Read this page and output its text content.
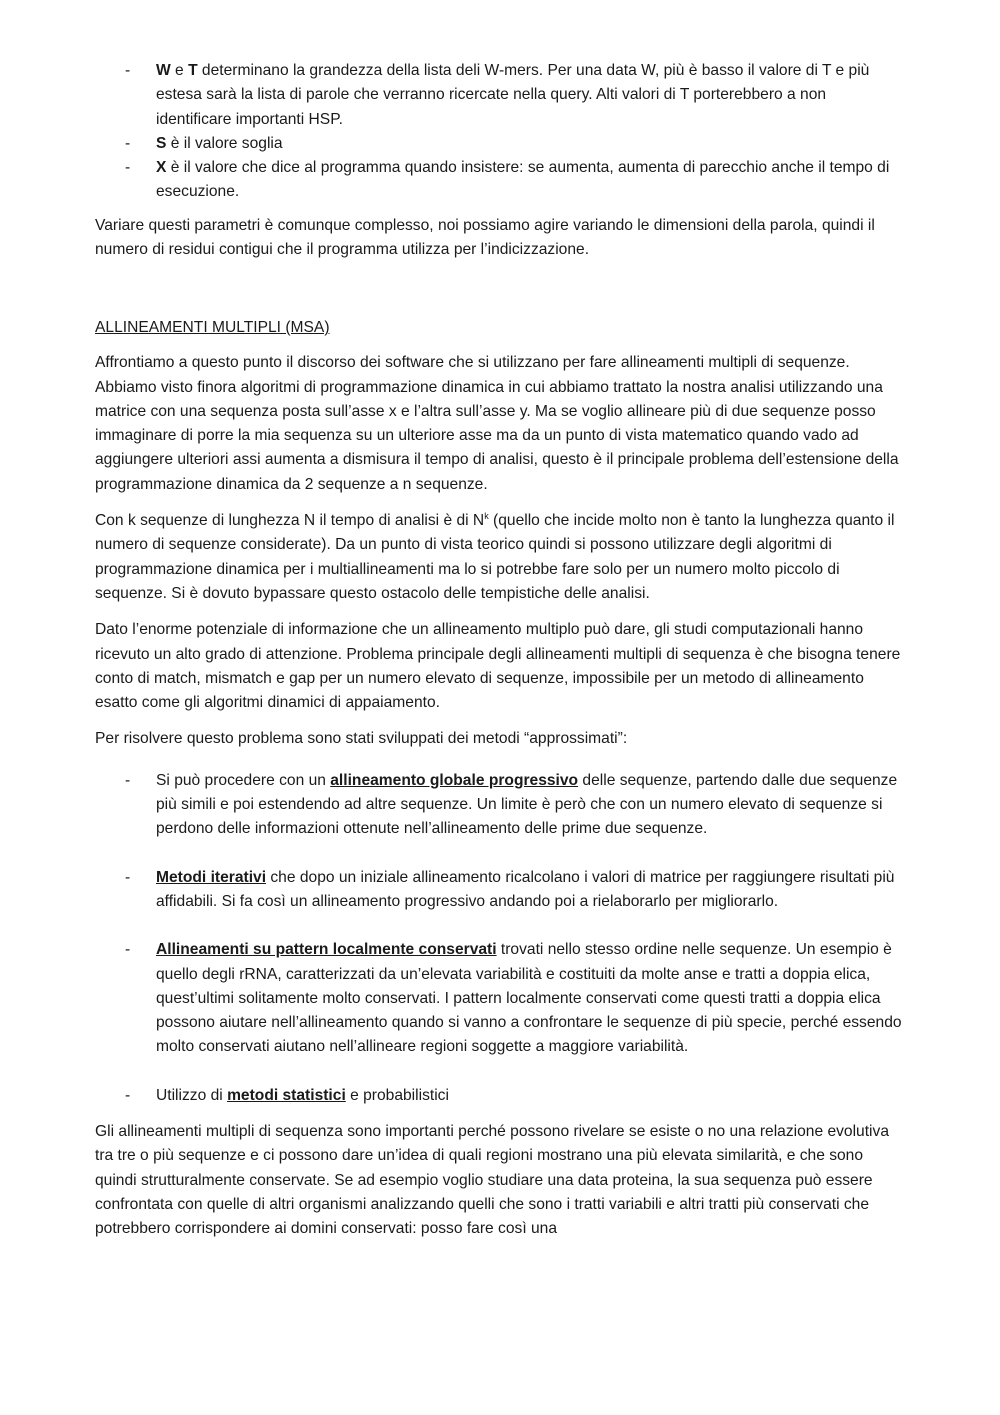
- W e T determinano la grandezza della lista deli W-mers. Per una data W, più è basso il valore di T e più estesa sarà la lista di parole che verranno ricercate nella query. Alti valori di T porterebbero a non identificare importanti HSP.
- S è il valore soglia
- X è il valore che dice al programma quando insistere: se aumenta, aumenta di parecchio anche il tempo di esecuzione.

Variare questi parametri è comunque complesso, noi possiamo agire variando le dimensioni della parola, quindi il numero di residui contigui che il programma utilizza per l’indicizzazione.

ALLINEAMENTI MULTIPLI (MSA)

Affrontiamo a questo punto il discorso dei software che si utilizzano per fare allineamenti multipli di sequenze. Abbiamo visto finora algoritmi di programmazione dinamica in cui abbiamo trattato la nostra analisi utilizzando una matrice con una sequenza posta sull’asse x e l’altra sull’asse y. Ma se voglio allineare più di due sequenze posso immaginare di porre la mia sequenza su un ulteriore asse ma da un punto di vista matematico quando vado ad aggiungere ulteriori assi aumenta a dismisura il tempo di analisi, questo è il principale problema dell’estensione della programmazione dinamica da 2 sequenze a n sequenze.

Con k sequenze di lunghezza N il tempo di analisi è di $N^k$ (quello che incide molto non è tanto la lunghezza quanto il numero di sequenze considerate). Da un punto di vista teorico quindi si possono utilizzare degli algoritmi di programmazione dinamica per i multiallineamenti ma lo si potrebbe fare solo per un numero molto piccolo di sequenze. Si è dovuto bypassare questo ostacolo delle tempistiche delle analisi.

Dato l’enorme potenziale di informazione che un allineamento multiplo può dare, gli studi computazionali hanno ricevuto un alto grado di attenzione. Problema principale degli allineamenti multipli di sequenza è che bisogna tenere conto di match, mismatch e gap per un numero elevato di sequenze, impossibile per un metodo di allineamento esatto come gli algoritmi dinamici di appaiamento.

Per risolvere questo problema sono stati sviluppati dei metodi “approssimati”:

- Si può procedere con un allineamento globale progressivo delle sequenze, partendo dalle due sequenze più simili e poi estendendo ad altre sequenze. Un limite è però che con un numero elevato di sequenze si perdono delle informazioni ottenute nell’allineamento delle prime due sequenze.
- Metodi iterativi che dopo un iniziale allineamento ricalcolano i valori di matrice per raggiungere risultati più affidabili. Si fa così un allineamento progressivo andando poi a rielaborarlo per migliorarlo.
- Allineamenti su pattern localmente conservati trovati nello stesso ordine nelle sequenze. Un esempio è quello degli rRNA, caratterizzati da un’elevata variabilità e costituiti da molte anse e tratti a doppia elica, quest’ultimi solitamente molto conservati. I pattern localmente conservati come questi tratti a doppia elica possono aiutare nell’allineamento quando si vanno a confrontare le sequenze di più specie, perché essendo molto conservati aiutano nell’allineare regioni soggette a maggiore variabilità.
- Utilizzo di metodi statistici e probabilistici

Gli allineamenti multipli di sequenza sono importanti perché possono rivelare se esiste o no una relazione evolutiva tra tre o più sequenze e ci possono dare un’idea di quali regioni mostrano una più elevata similarità, e che sono quindi strutturalmente conservate. Se ad esempio voglio studiare una data proteina, la sua sequenza può essere confrontata con quelle di altri organismi analizzando quelli che sono i tratti variabili e altri tratti più conservati che potrebbero corrispondere ai domini conservati: posso fare così una
